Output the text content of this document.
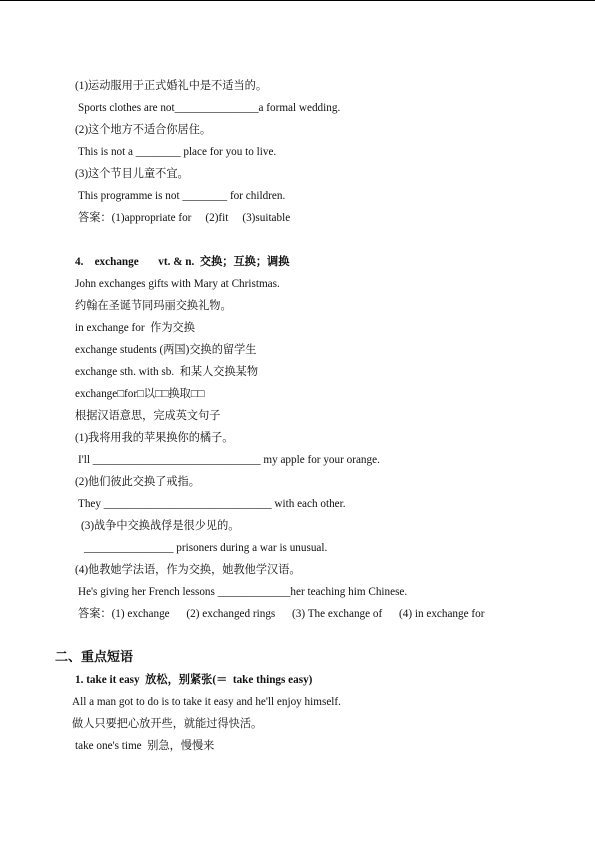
(1)运动服用于正式婚礼中是不适当的。
Sports clothes are not_______________a formal wedding.
(2)这个地方不适合你居住。
This is not a ________ place for you to live.
(3)这个节目儿童不宜。
This programme is not ________ for children.
答案：(1)appropriate for     (2)fit     (3)suitable
4.    exchange       vt. & n.  交换；互换；调换
John exchanges gifts with Mary at Christmas.
约翰在圣诞节同玛丽交换礼物。
in exchange for  作为交换
exchange students (两国)交换的留学生
exchange sth. with sb.  和某人交换某物
exchange□for□以□□换取□□
根据汉语意思，完成英文句子
(1)我将用我的苹果换你的橘子。
I'll ______________________________ my apple for your orange.
(2)他们彼此交换了戒指。
They ______________________________ with each other.
(3)战争中交换战俘是很少见的。
________________ prisoners during a war is unusual.
(4)他教她学法语，作为交换，她教他学汉语。
He's giving her French lessons _____________her teaching him Chinese.
答案：(1) exchange      (2) exchanged rings      (3) The exchange of      (4) in exchange for
二、重点短语
1. take it easy  放松，别紧张(＝  take things easy)
All a man got to do is to take it easy and he'll enjoy himself.
做人只要把心放开些，就能过得快活。
take one's time  别急，慢慢来
